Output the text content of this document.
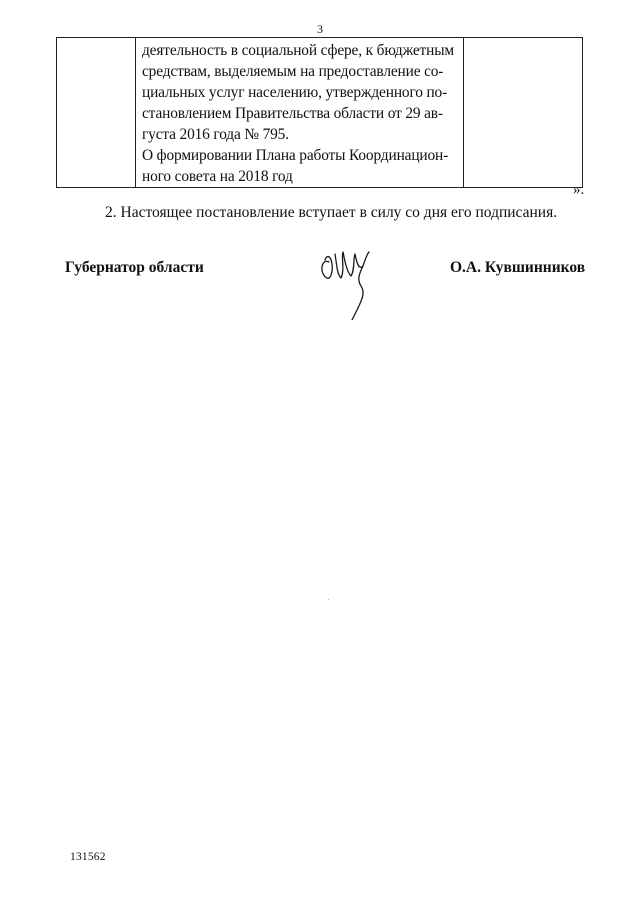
3

деятельность в социальной сфере, к бюджетным
средствам, выделяемым на предоставление со-
циальных услуг населению, утвержденного по-
становлением Правительства области от 29 ав-
густа 2016 года № 795.
О формировании Плана работы Координацион-
ного совета на 2018 год

».
2. Настоящее постановление вступает в силу со дня его подписания.
Губернатор области	О.А. Кувшинников
131562
